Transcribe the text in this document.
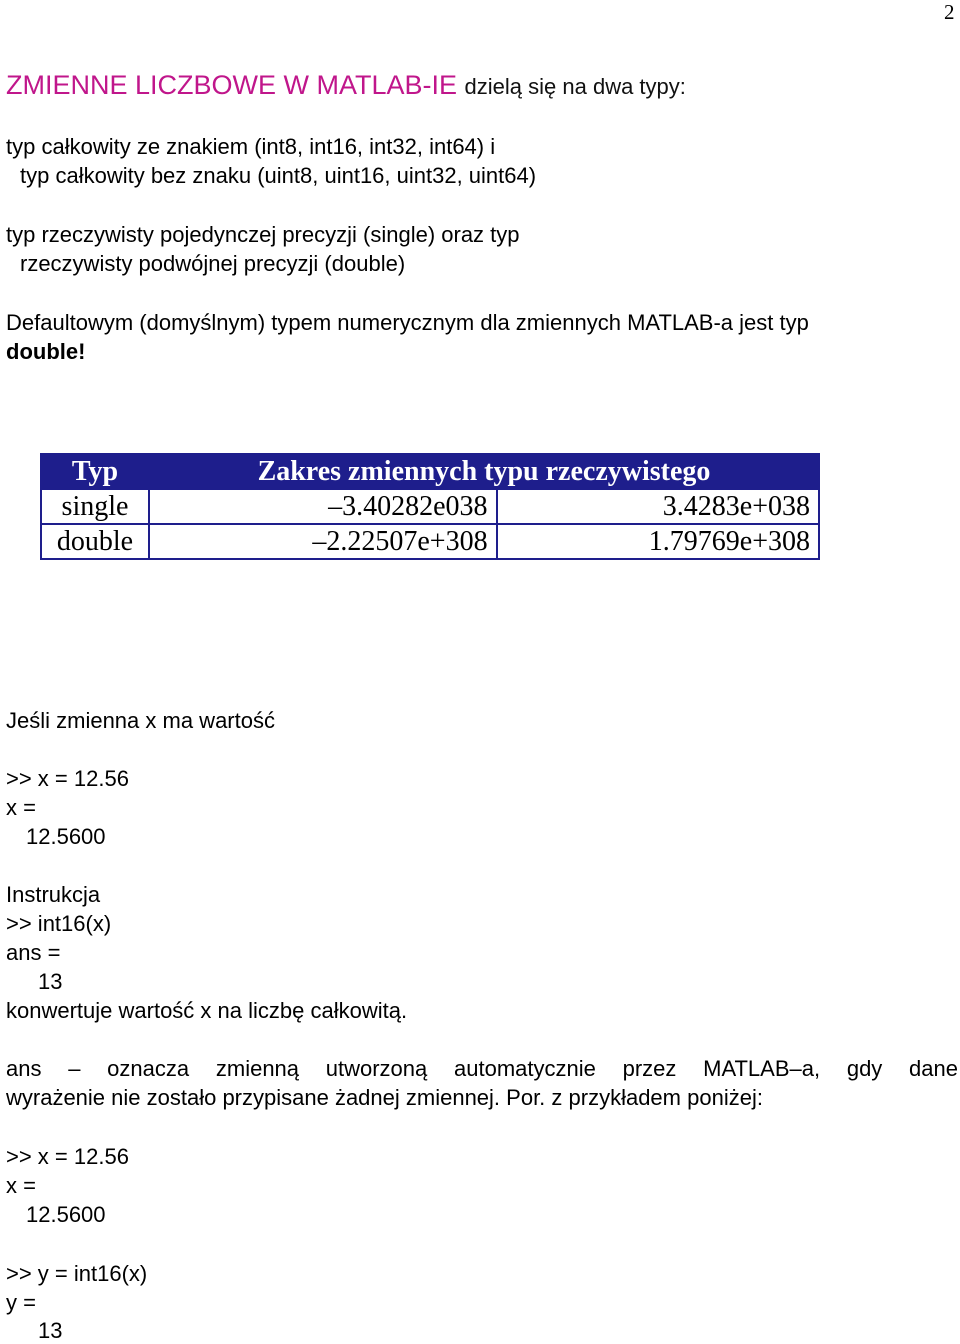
2
ZMIENNE LICZBOWE W MATLAB-IE dzielą się na dwa typy:
typ całkowity ze znakiem (int8, int16, int32, int64) i
typ całkowity bez znaku (uint8, uint16, uint32, uint64)
typ rzeczywisty pojedynczej precyzji (single) oraz typ
rzeczywisty podwójnej precyzji (double)
Defaultowym (domyślnym) typem numerycznym dla zmiennych MATLAB-a jest typ
double!
Typ	Zakres zmiennych typu rzeczywistego	
single	–3.40282e038	3.4283e+038
double	–2.22507e+308	1.79769e+308
Jeśli zmienna x ma wartość
>> x = 12.56
x =
12.5600
Instrukcja
>> int16(x)
ans =
13
konwertuje wartość x na liczbę całkowitą.
ans – oznacza zmienną utworzoną automatycznie przez MATLAB–a, gdy dane
wyrażenie nie zostało przypisane żadnej zmiennej. Por. z przykładem poniżej:
>> x = 12.56
x =
12.5600
>> y = int16(x)
y =
13
